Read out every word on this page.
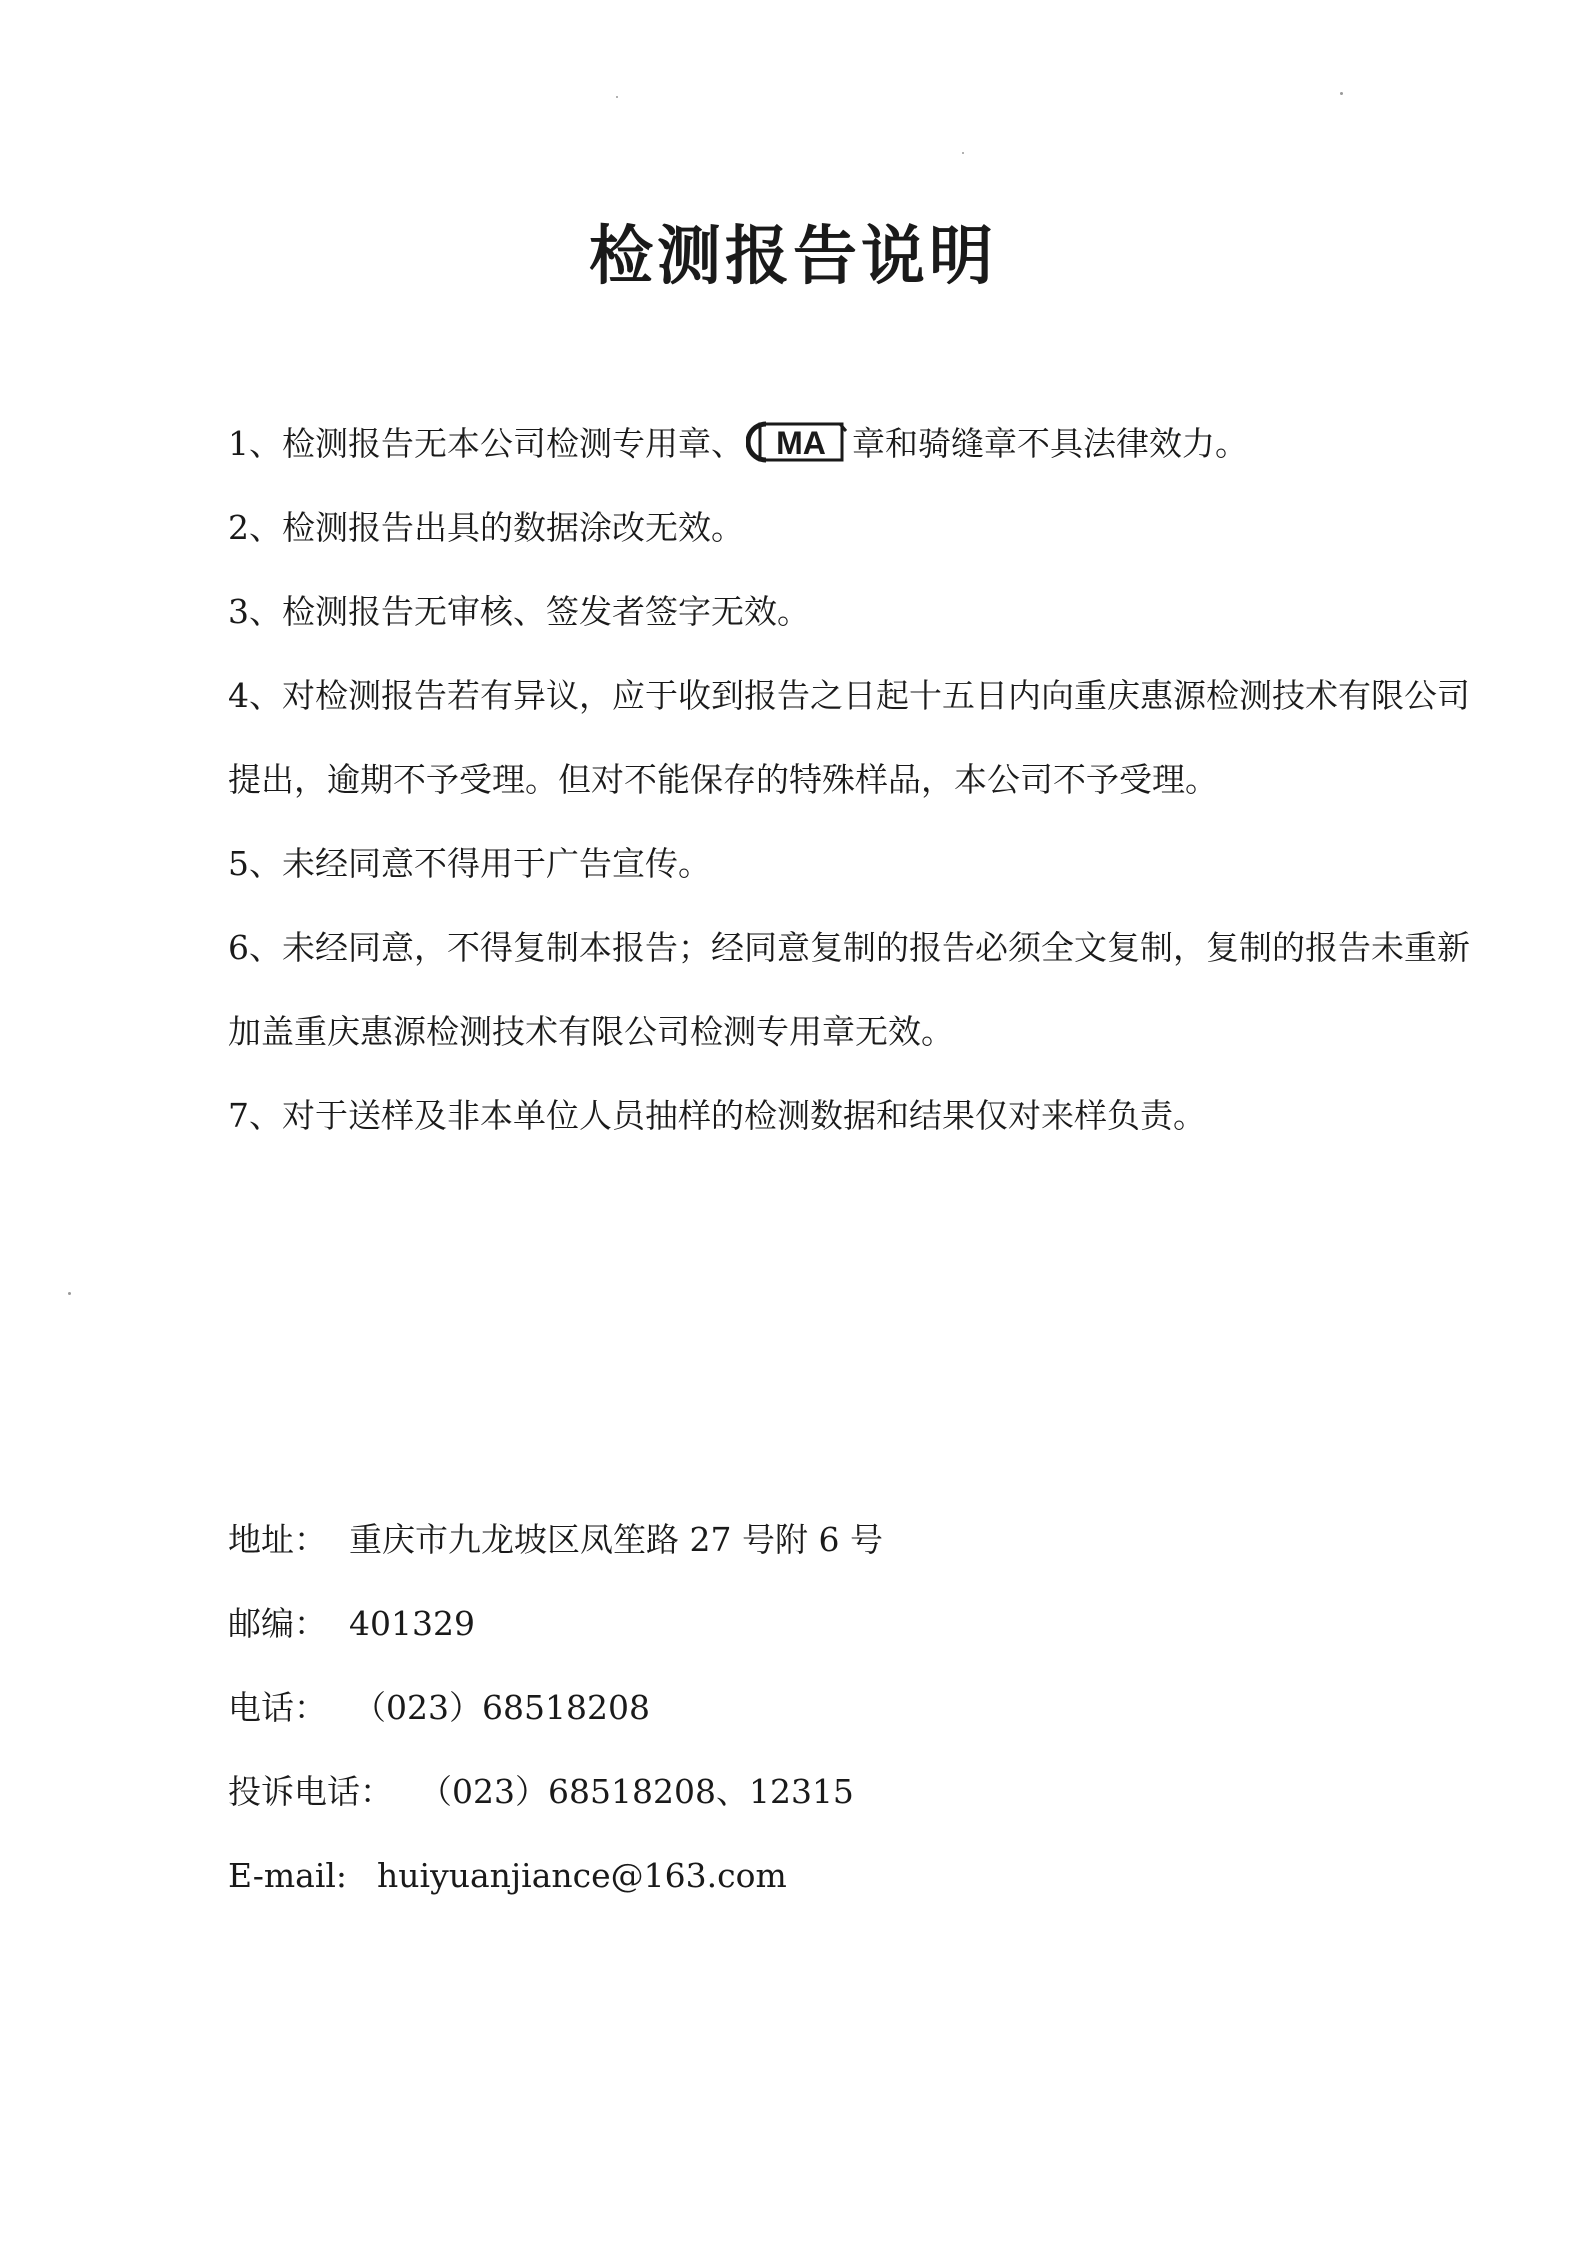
检测报告说明
1、检测报告无本公司检测专用章、 MA 章和骑缝章不具法律效力。
2、检测报告出具的数据涂改无效。
3、检测报告无审核、签发者签字无效。
4、对检测报告若有异议，应于收到报告之日起十五日内向重庆惠源检测技术有限公司提出，逾期不予受理。但对不能保存的特殊样品，本公司不予受理。
5、未经同意不得用于广告宣传。
6、未经同意，不得复制本报告；经同意复制的报告必须全文复制，复制的报告未重新加盖重庆惠源检测技术有限公司检测专用章无效。
7、对于送样及非本单位人员抽样的检测数据和结果仅对来样负责。
地址： 重庆市九龙坡区凤笙路 27 号附 6 号
邮编： 401329
电话： （023）68518208
投诉电话： （023）68518208、12315
E-mail: huiyuanjiance@163.com
